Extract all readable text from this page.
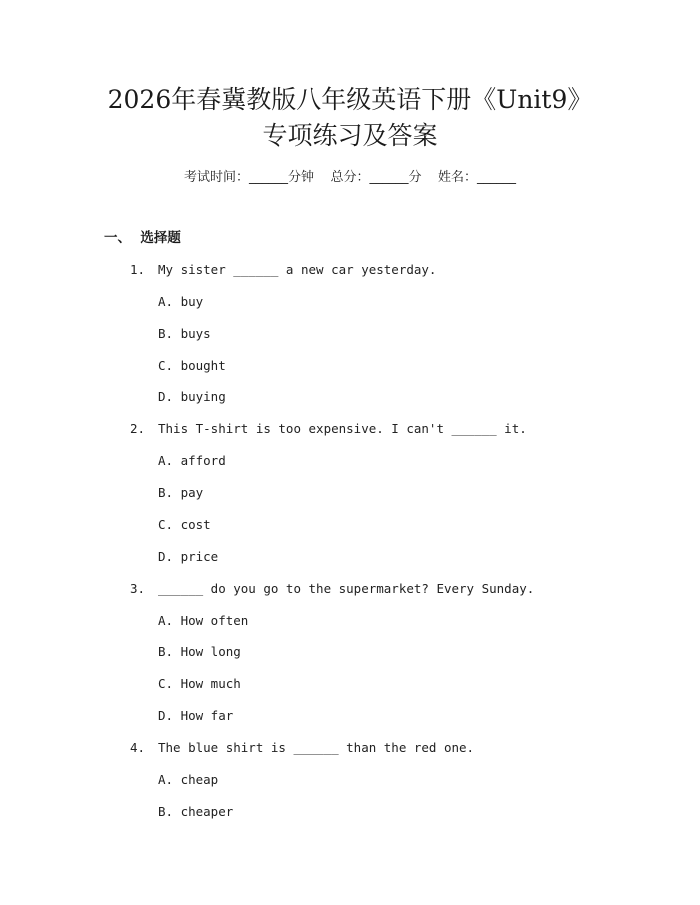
2026年春冀教版八年级英语下册《Unit9》
专项练习及答案
考试时间：______分钟    总分：______分    姓名：______
一、  选择题
1. My sister ______ a new car yesterday.
A. buy
B. buys
C. bought
D. buying
2. This T-shirt is too expensive. I can't ______ it.
A. afford
B. pay
C. cost
D. price
3. ______ do you go to the supermarket? Every Sunday.
A. How often
B. How long
C. How much
D. How far
4. The blue shirt is ______ than the red one.
A. cheap
B. cheaper
